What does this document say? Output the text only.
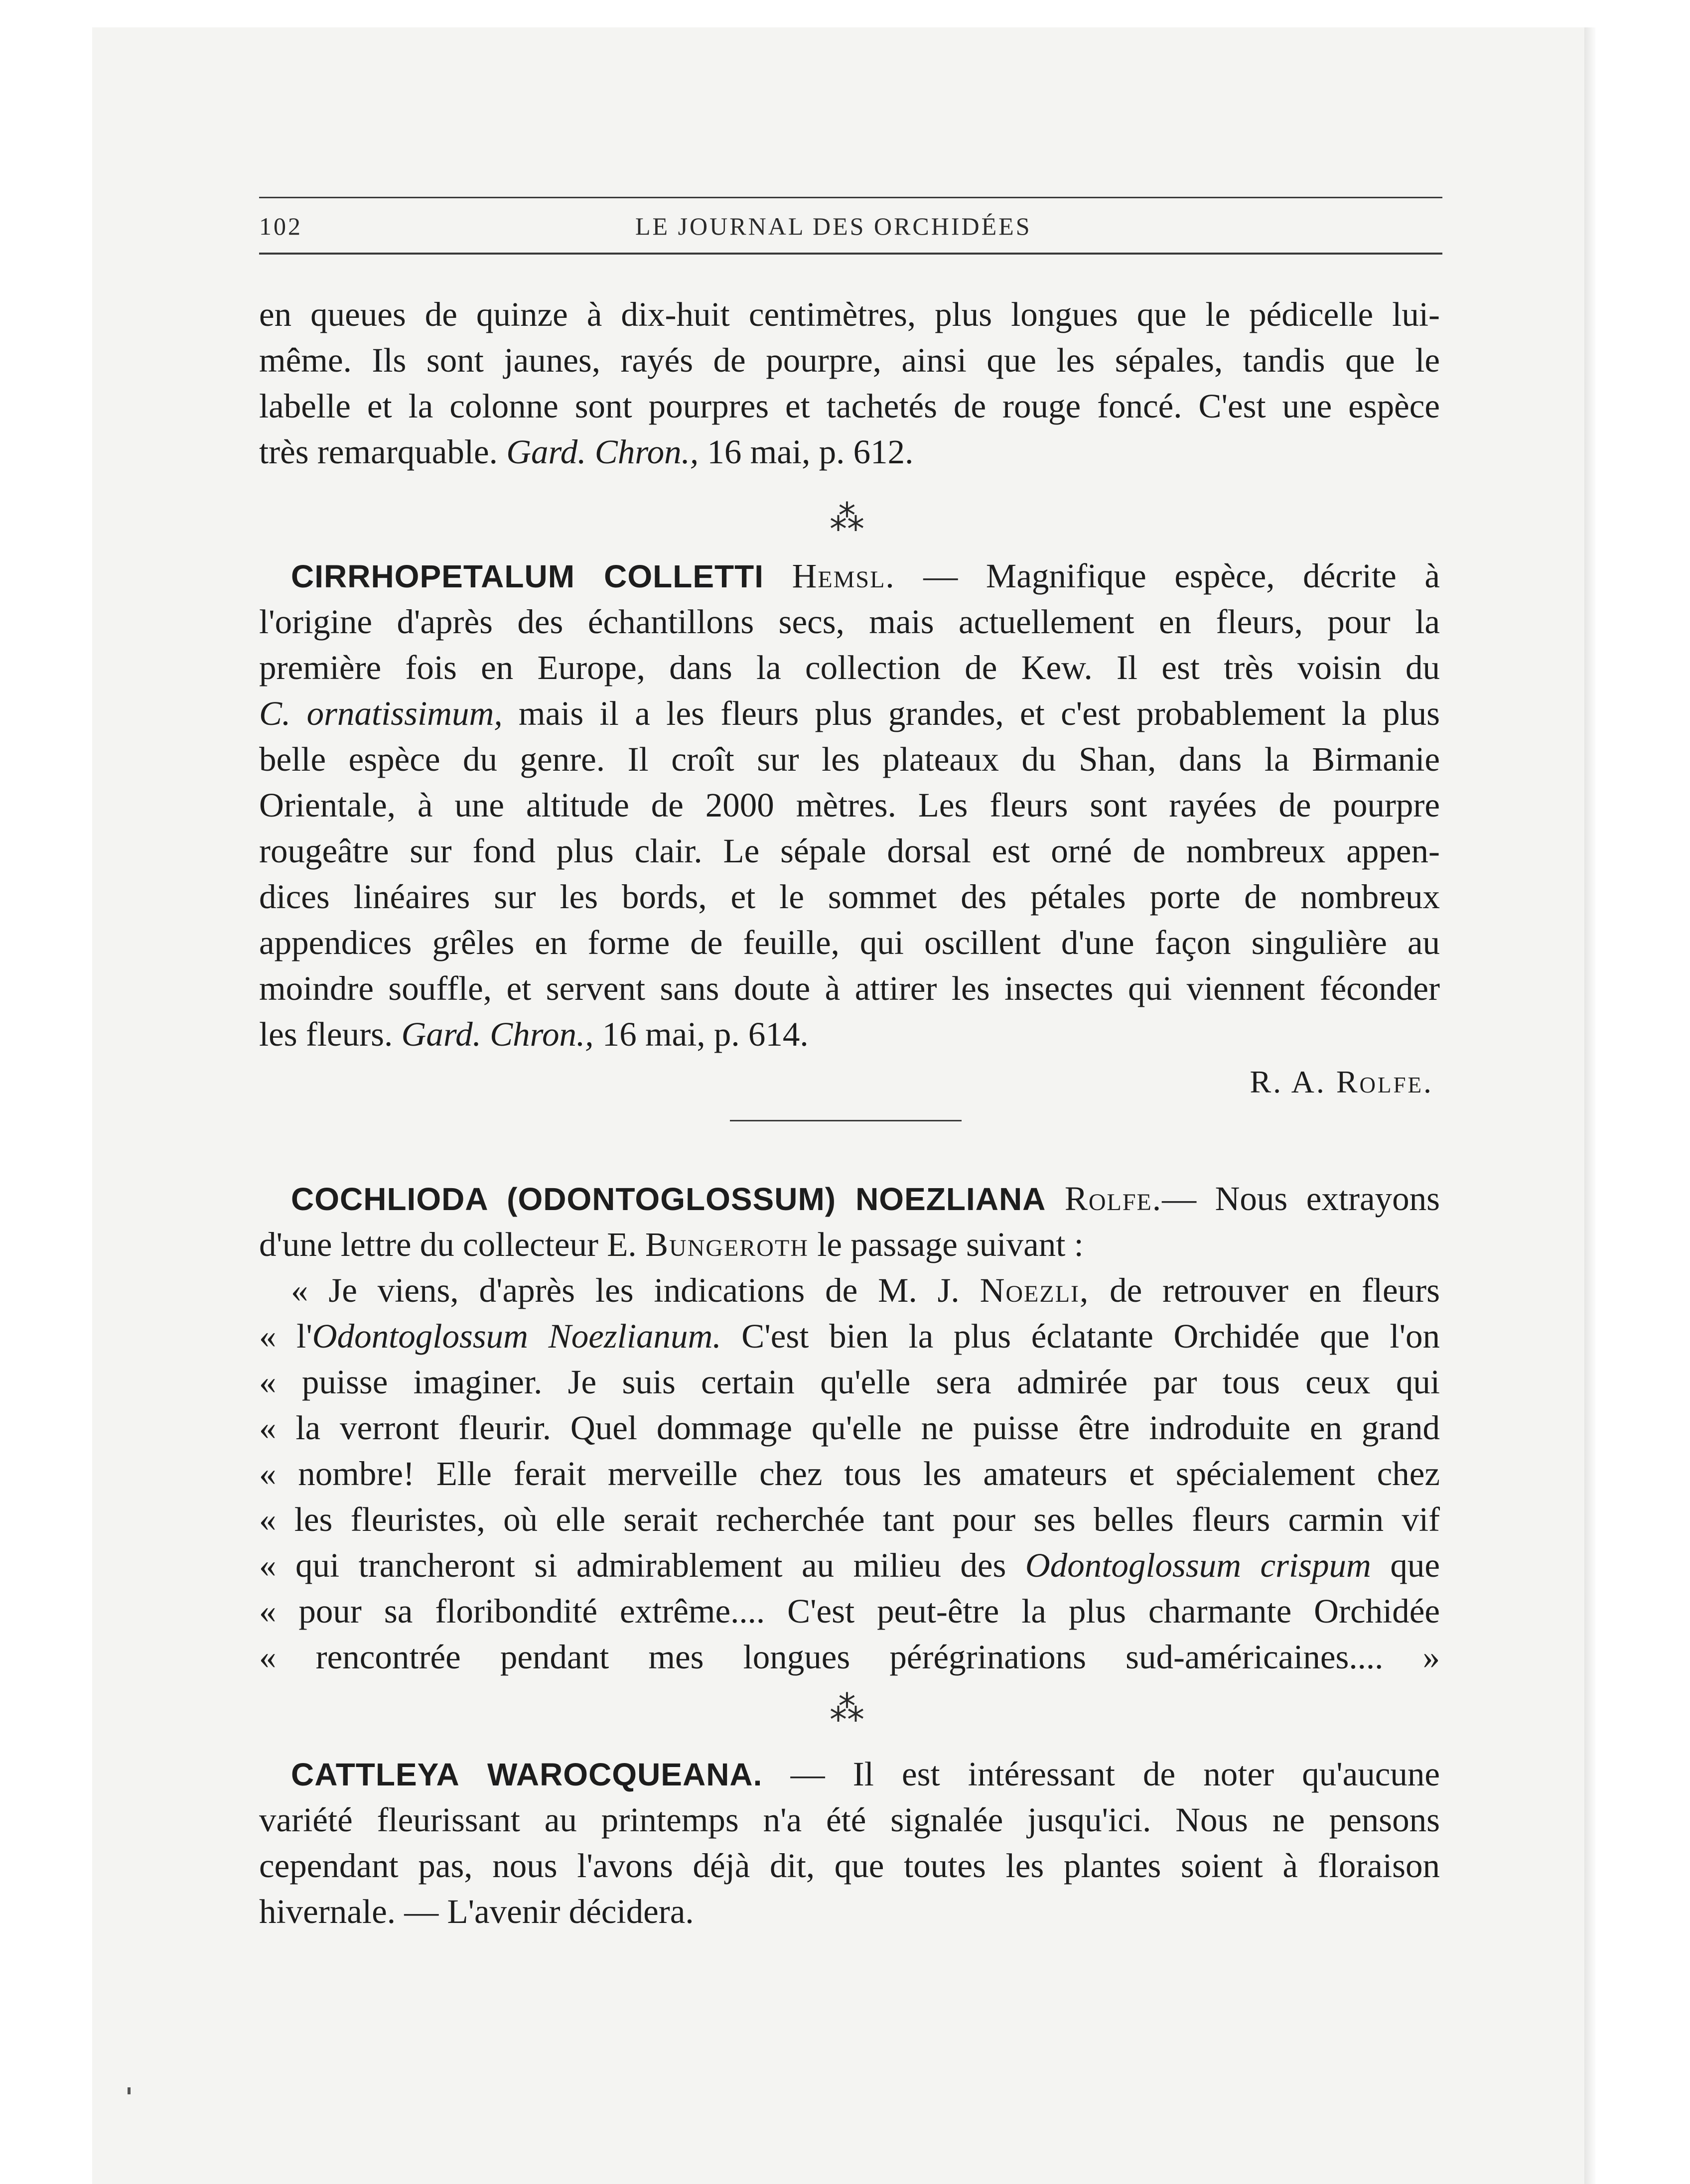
102	LE JOURNAL DES ORCHIDÉES
en queues de quinze à dix-huit centimètres, plus longues que le pédicelle lui-
même. Ils sont jaunes, rayés de pourpre, ainsi que les sépales, tandis que le
labelle et la colonne sont pourpres et tachetés de rouge foncé. C'est une espèce
très remarquable. Gard. Chron., 16 mai, p. 612.
⁂
CIRRHOPETALUM COLLETTI Hemsl. — Magnifique espèce, décrite à
l'origine d'après des échantillons secs, mais actuellement en fleurs, pour la
première fois en Europe, dans la collection de Kew. Il est très voisin du
C. ornatissimum, mais il a les fleurs plus grandes, et c'est probablement la plus
belle espèce du genre. Il croît sur les plateaux du Shan, dans la Birmanie
Orientale, à une altitude de 2000 mètres. Les fleurs sont rayées de pourpre
rougeâtre sur fond plus clair. Le sépale dorsal est orné de nombreux appen-
dices linéaires sur les bords, et le sommet des pétales porte de nombreux
appendices grêles en forme de feuille, qui oscillent d'une façon singulière au
moindre souffle, et servent sans doute à attirer les insectes qui viennent féconder
les fleurs. Gard. Chron., 16 mai, p. 614.
R. A. Rolfe.
COCHLIODA (ODONTOGLOSSUM) NOEZLIANA Rolfe.— Nous extrayons
d'une lettre du collecteur E. Bungeroth le passage suivant :
« Je viens, d'après les indications de M. J. Noezli, de retrouver en fleurs
« l'Odontoglossum Noezlianum. C'est bien la plus éclatante Orchidée que l'on
« puisse imaginer. Je suis certain qu'elle sera admirée par tous ceux qui
« la verront fleurir. Quel dommage qu'elle ne puisse être indroduite en grand
« nombre! Elle ferait merveille chez tous les amateurs et spécialement chez
« les fleuristes, où elle serait recherchée tant pour ses belles fleurs carmin vif
« qui trancheront si admirablement au milieu des Odontoglossum crispum que
« pour sa floribondité extrême.... C'est peut-être la plus charmante Orchidée
« rencontrée pendant mes longues pérégrinations sud-américaines.... »
⁂
CATTLEYA WAROCQUEANA. — Il est intéressant de noter qu'aucune
variété fleurissant au printemps n'a été signalée jusqu'ici. Nous ne pensons
cependant pas, nous l'avons déjà dit, que toutes les plantes soient à floraison
hivernale. — L'avenir décidera.
